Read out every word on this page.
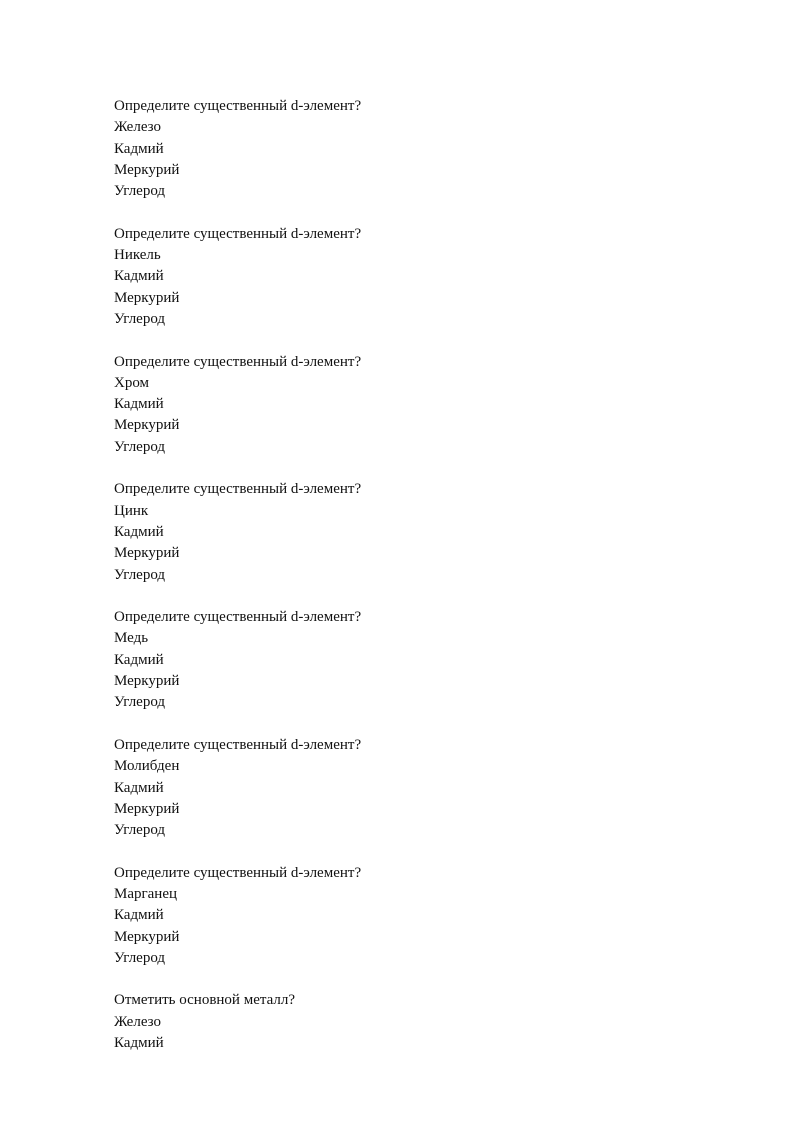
Определите существенный d-элемент?
Железо
Кадмий
Меркурий
Углерод
Определите существенный d-элемент?
Никель
Кадмий
Меркурий
Углерод
Определите существенный d-элемент?
Хром
Кадмий
Меркурий
Углерод
Определите существенный d-элемент?
Цинк
Кадмий
Меркурий
Углерод
Определите существенный d-элемент?
Медь
Кадмий
Меркурий
Углерод
Определите существенный d-элемент?
Молибден
Кадмий
Меркурий
Углерод
Определите существенный d-элемент?
Марганец
Кадмий
Меркурий
Углерод
Отметить основной металл?
Железо
Кадмий
